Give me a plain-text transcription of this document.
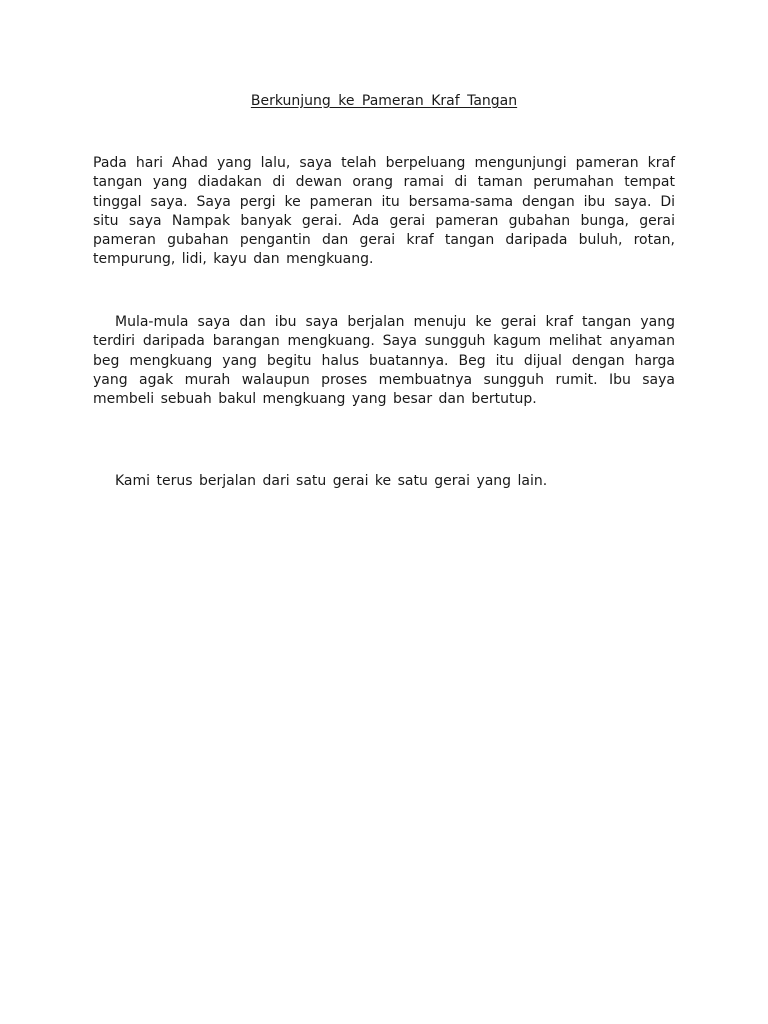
Berkunjung ke Pameran Kraf Tangan

Pada hari Ahad yang lalu, saya telah berpeluang mengunjungi pameran kraf tangan yang diadakan di dewan orang ramai di taman perumahan tempat tinggal saya. Saya pergi ke pameran itu bersama-sama dengan ibu saya. Di situ saya Nampak banyak gerai. Ada gerai pameran gubahan bunga, gerai pameran gubahan pengantin dan gerai kraf tangan daripada buluh, rotan, tempurung, lidi, kayu dan mengkuang.

Mula-mula saya dan ibu saya berjalan menuju ke gerai kraf tangan yang terdiri daripada barangan mengkuang. Saya sungguh kagum melihat anyaman beg mengkuang yang begitu halus buatannya. Beg itu dijual dengan harga yang agak murah walaupun proses membuatnya sungguh rumit. Ibu saya membeli sebuah bakul mengkuang yang besar dan bertutup.

Kami terus berjalan dari satu gerai ke satu gerai yang lain.
